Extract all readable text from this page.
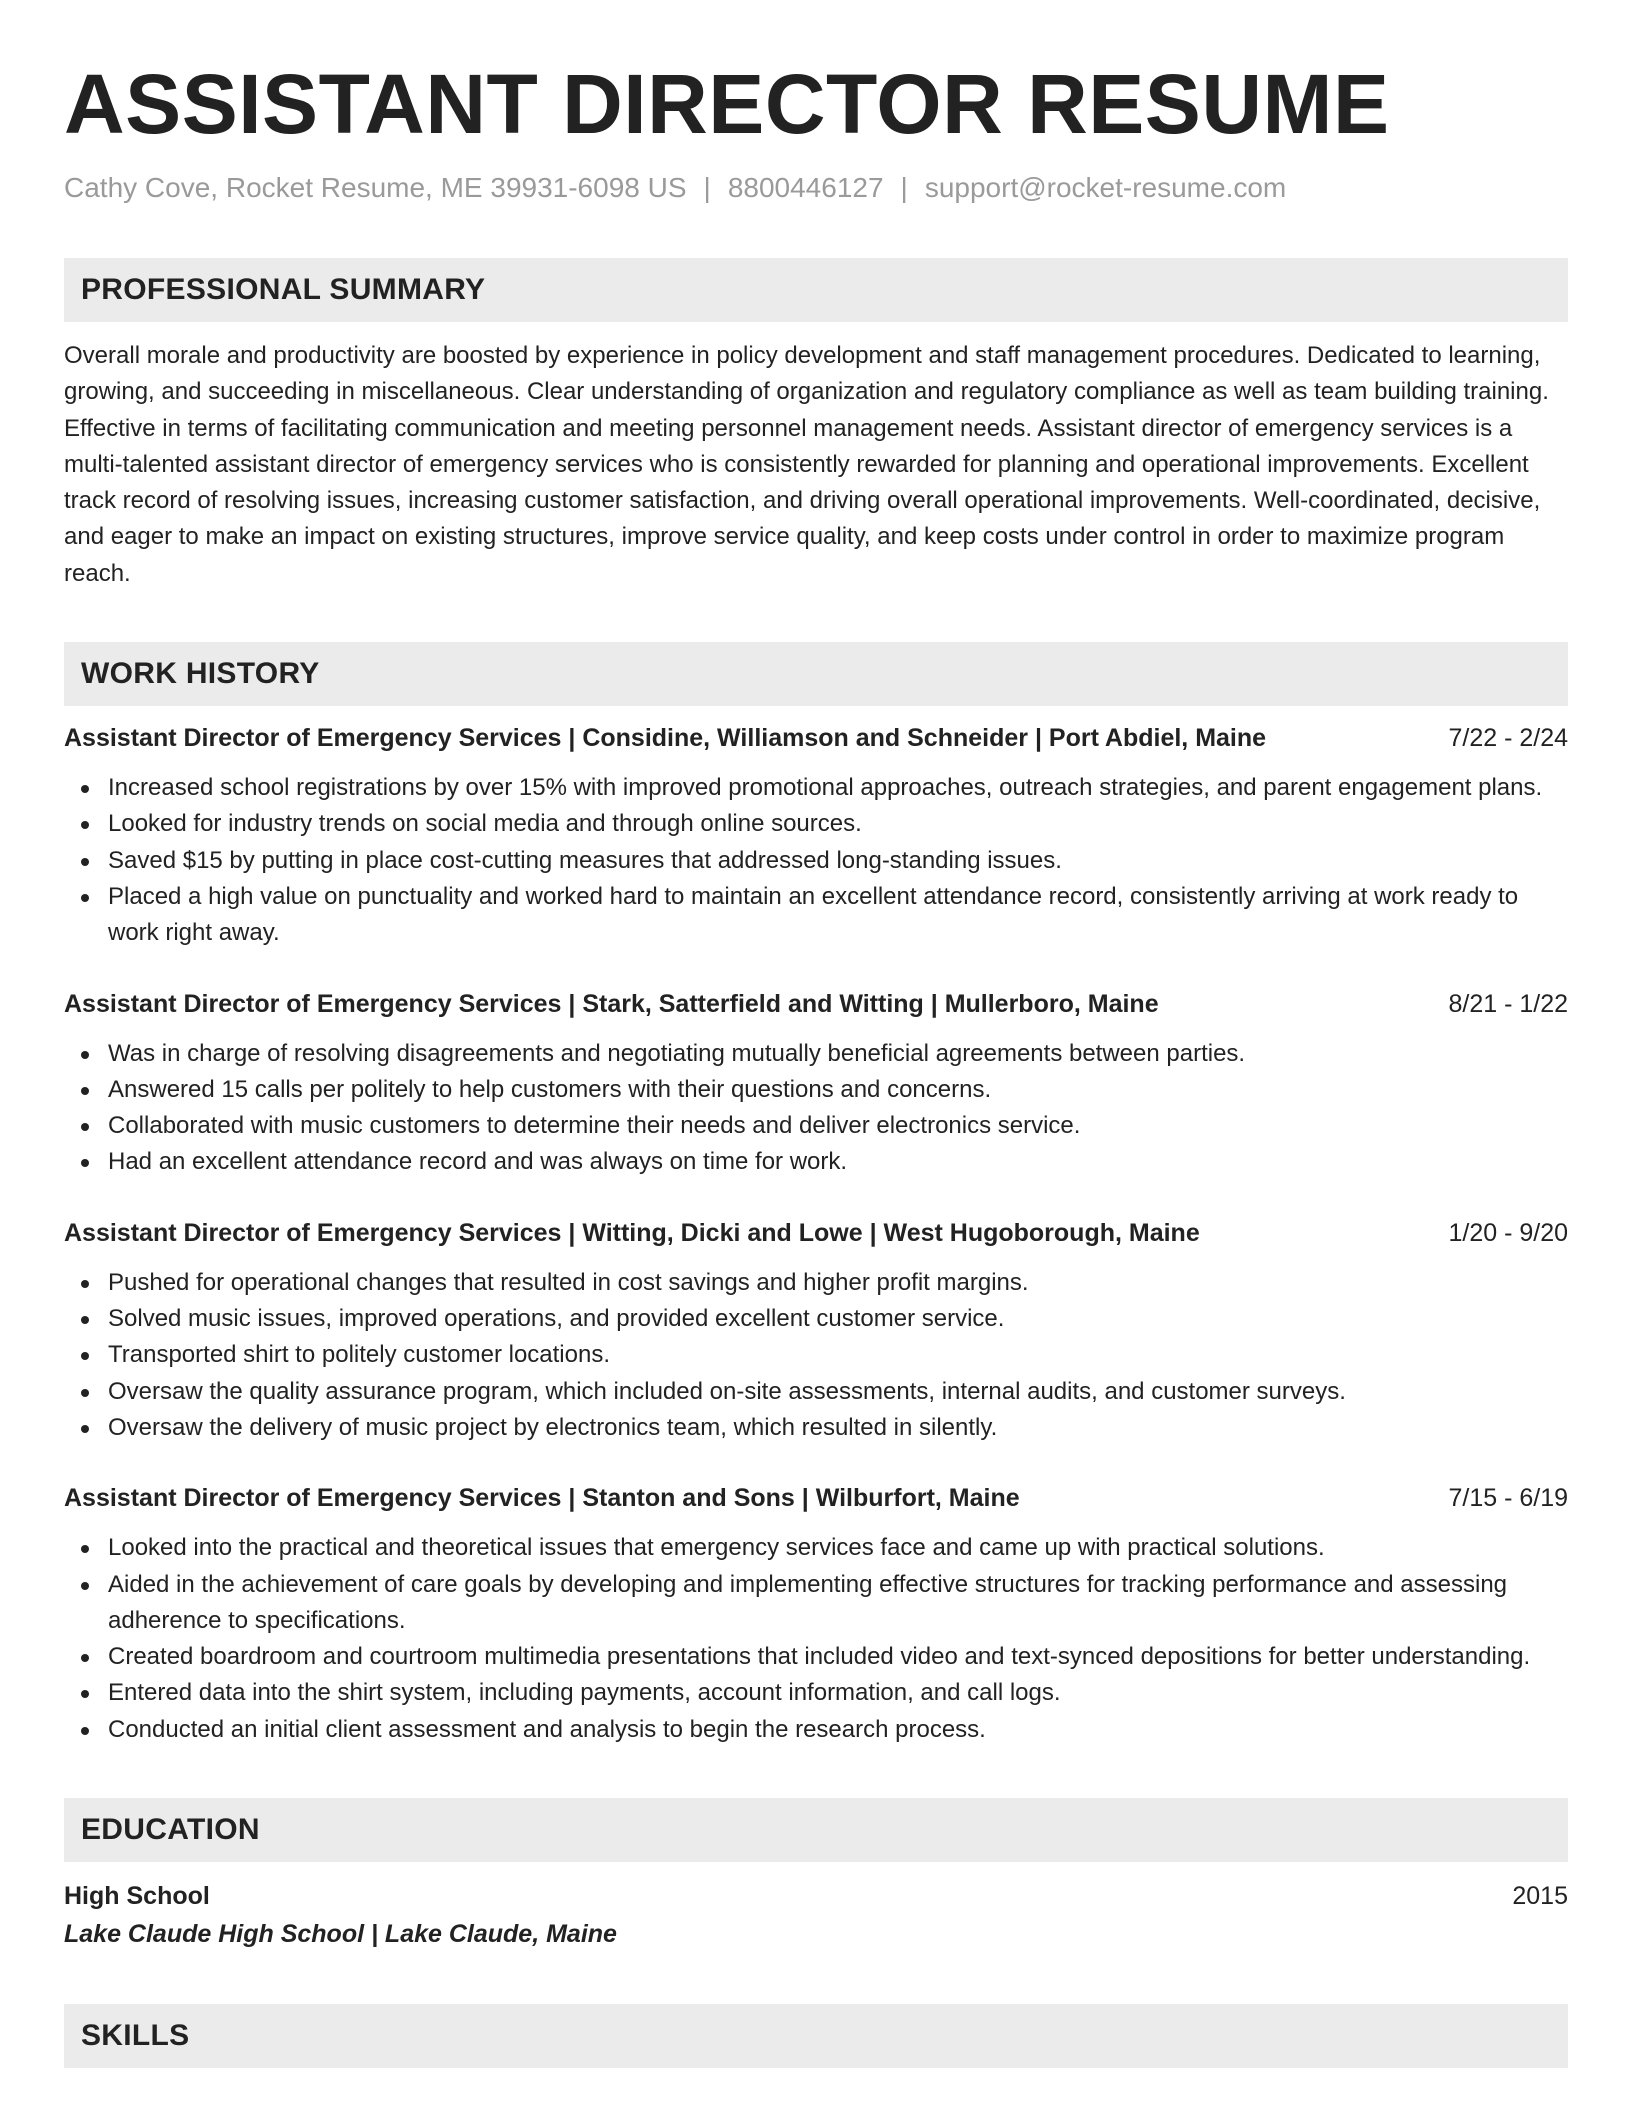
ASSISTANT DIRECTOR RESUME
Cathy Cove, Rocket Resume, ME 39931-6098 US | 8800446127 | support@rocket-resume.com
PROFESSIONAL SUMMARY
Overall morale and productivity are boosted by experience in policy development and staff management procedures. Dedicated to learning, growing, and succeeding in miscellaneous. Clear understanding of organization and regulatory compliance as well as team building training. Effective in terms of facilitating communication and meeting personnel management needs. Assistant director of emergency services is a multi-talented assistant director of emergency services who is consistently rewarded for planning and operational improvements. Excellent track record of resolving issues, increasing customer satisfaction, and driving overall operational improvements. Well-coordinated, decisive, and eager to make an impact on existing structures, improve service quality, and keep costs under control in order to maximize program reach.
WORK HISTORY
Assistant Director of Emergency Services | Considine, Williamson and Schneider | Port Abdiel, Maine	7/22 - 2/24
Increased school registrations by over 15% with improved promotional approaches, outreach strategies, and parent engagement plans.
Looked for industry trends on social media and through online sources.
Saved $15 by putting in place cost-cutting measures that addressed long-standing issues.
Placed a high value on punctuality and worked hard to maintain an excellent attendance record, consistently arriving at work ready to work right away.
Assistant Director of Emergency Services | Stark, Satterfield and Witting | Mullerboro, Maine	8/21 - 1/22
Was in charge of resolving disagreements and negotiating mutually beneficial agreements between parties.
Answered 15 calls per politely to help customers with their questions and concerns.
Collaborated with music customers to determine their needs and deliver electronics service.
Had an excellent attendance record and was always on time for work.
Assistant Director of Emergency Services | Witting, Dicki and Lowe | West Hugoborough, Maine	1/20 - 9/20
Pushed for operational changes that resulted in cost savings and higher profit margins.
Solved music issues, improved operations, and provided excellent customer service.
Transported shirt to politely customer locations.
Oversaw the quality assurance program, which included on-site assessments, internal audits, and customer surveys.
Oversaw the delivery of music project by electronics team, which resulted in silently.
Assistant Director of Emergency Services | Stanton and Sons | Wilburfort, Maine	7/15 - 6/19
Looked into the practical and theoretical issues that emergency services face and came up with practical solutions.
Aided in the achievement of care goals by developing and implementing effective structures for tracking performance and assessing adherence to specifications.
Created boardroom and courtroom multimedia presentations that included video and text-synced depositions for better understanding.
Entered data into the shirt system, including payments, account information, and call logs.
Conducted an initial client assessment and analysis to begin the research process.
EDUCATION
High School	2015
Lake Claude High School | Lake Claude, Maine
SKILLS
